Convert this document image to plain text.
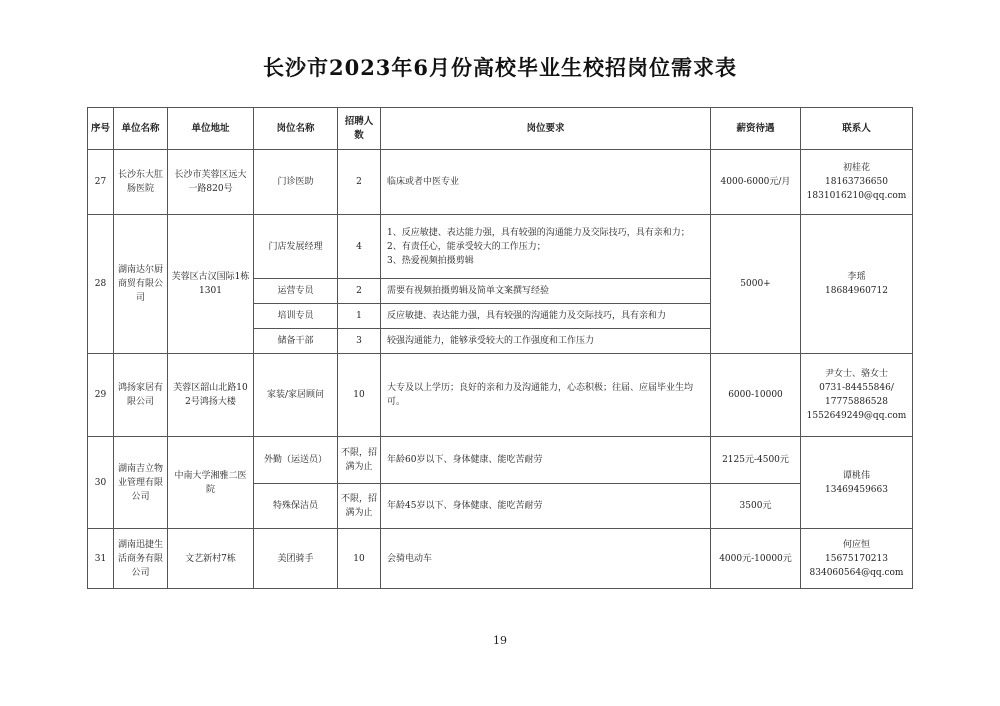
长沙市2023年6月份高校毕业生校招岗位需求表
序号	单位名称	单位地址	岗位名称	招聘人数	岗位要求	薪资待遇	联系人
27	长沙东大肛肠医院	长沙市芙蓉区远大一路820号	门诊医助	2	临床或者中医专业	4000-6000元/月	初桂花
18163736650
1831016210@qq.com

28	湖南达尔厨商贸有限公司	芙蓉区古汉国际1栋1301	门店发展经理	4	1、反应敏捷、表达能力强，具有较强的沟通能力及交际技巧，具有亲和力；
2、有责任心，能承受较大的工作压力；
3、热爱视频拍摄剪辑	5000+	李瑶
18684960712

			运营专员	2	需要有视频拍摄剪辑及简单文案撰写经验		
			培训专员	1	反应敏捷、表达能力强，具有较强的沟通能力及交际技巧，具有亲和力		
			储备干部	3	较强沟通能力，能够承受较大的工作强度和工作压力		
29	鸿扬家居有限公司	芙蓉区韶山北路102号鸿扬大楼	家装/家居顾问	10	大专及以上学历；良好的亲和力及沟通能力，心态积极；往届、应届毕业生均可。	6000-10000	尹女士、骆女士
0731-84455846/
17775886528
1552649249@qq.com

30	湖南吉立物业管理有限公司	中南大学湘雅二医院	外勤（运送员）	不限，招满为止	年龄60岁以下、身体健康、能吃苦耐劳	2125元-4500元	谭桃伟
13469459663

			特殊保洁员	不限，招满为止	年龄45岁以下、身体健康、能吃苦耐劳	3500元	
31	湖南迅捷生活商务有限公司	文艺新村7栋	美团骑手	10	会骑电动车	4000元-10000元	何应恒
15675170213
834060564@qq.com
19
